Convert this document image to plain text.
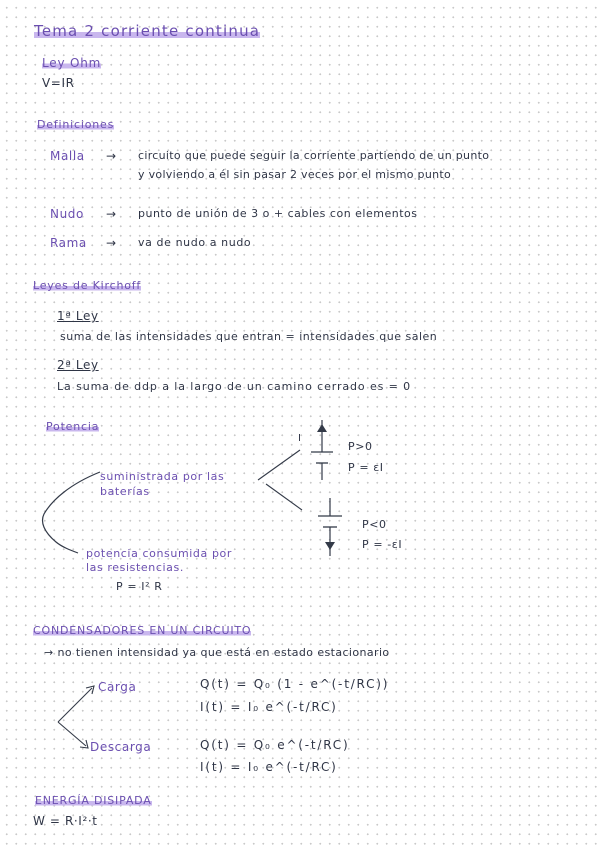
Tema 2 corriente continua
Ley Ohm
V=IR
Definiciones
Malla → circuito que puede seguir la corriente partiendo de un punto
y volviendo a él sin pasar 2 veces por el mismo punto
Nudo → punto de unión de 3 o + cables con elementos
Rama → va de nudo a nudo
Leyes de Kirchoff
1ª Ley
suma de las intensidades que entran = intensidades que salen
2ª Ley
La suma de ddp a la largo de un camino cerrado es = 0
Potencia
suministrada por las
baterías
potencia consumida por
las resistencias.
P = I² R
I
P>0
P = εI
P<0
P = -εI
CONDENSADORES EN UN CIRCUITO
→ no tienen intensidad ya que está en estado estacionario
Carga	Q(t) = Q₀ (1 - e^(-t/RC))
I(t) = I₀ e^(-t/RC)
Descarga	Q(t) = Q₀ e^(-t/RC)
I(t) = I₀ e^(-t/RC)
ENERGÍA DISIPADA
W = R·I²·t
